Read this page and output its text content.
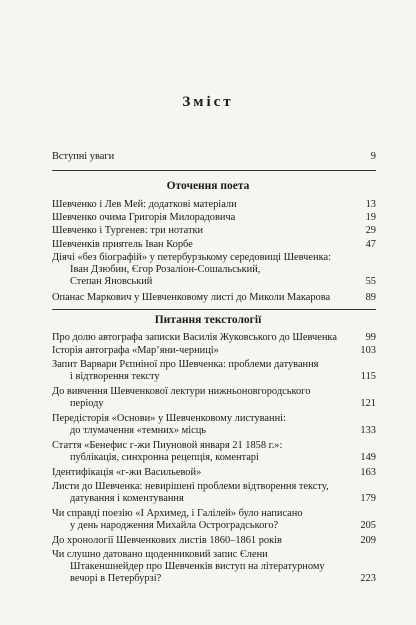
Зміст
Вступні уваги	9
Оточення поета
Шевченко і Лев Мей: додаткові матеріали	13
Шевченко очима Григорія Милорадовича	19
Шевченко і Тургенев: три нотатки	29
Шевченків приятель Іван Корбе	47
Діячі «без біографій» у петербурзькому середовищі Шевченка:
Іван Дзюбин, Єгор Розаліон-Сошальський,
Степан Яновський	55
Опанас Маркович у Шевченковому листі до Миколи Макарова	89
Питання текстології
Про долю автографа записки Василія Жуковського до Шевченка	99
Історія автографа «Мар’яни-черниці»	103
Запит Варвари Рєпніної про Шевченка: проблеми датування
і відтворення тексту	115
До вивчення Шевченкової лектури нижньоновгородського
періоду	121
Передісторія «Основи» у Шевченковому листуванні:
до тлумачення «темних» місць	133
Стаття «Бенефис г-жи Пиуновой января 21 1858 г.»:
публікація, синхронна рецепція, коментарі	149
Ідентифікація «г-жи Васильевой»	163
Листи до Шевченка: невирішені проблеми відтворення тексту,
датування і коментування	179
Чи справді поезію «І Архимед, і Галілей» було написано
у день народження Михайла Остроградського?	205
До хронології Шевченкових листів 1860–1861 років	209
Чи слушно датовано щоденниковий запис Єлени
Штакеншнейдер про Шевченків виступ на літературному
вечорі в Петербурзі?	223
